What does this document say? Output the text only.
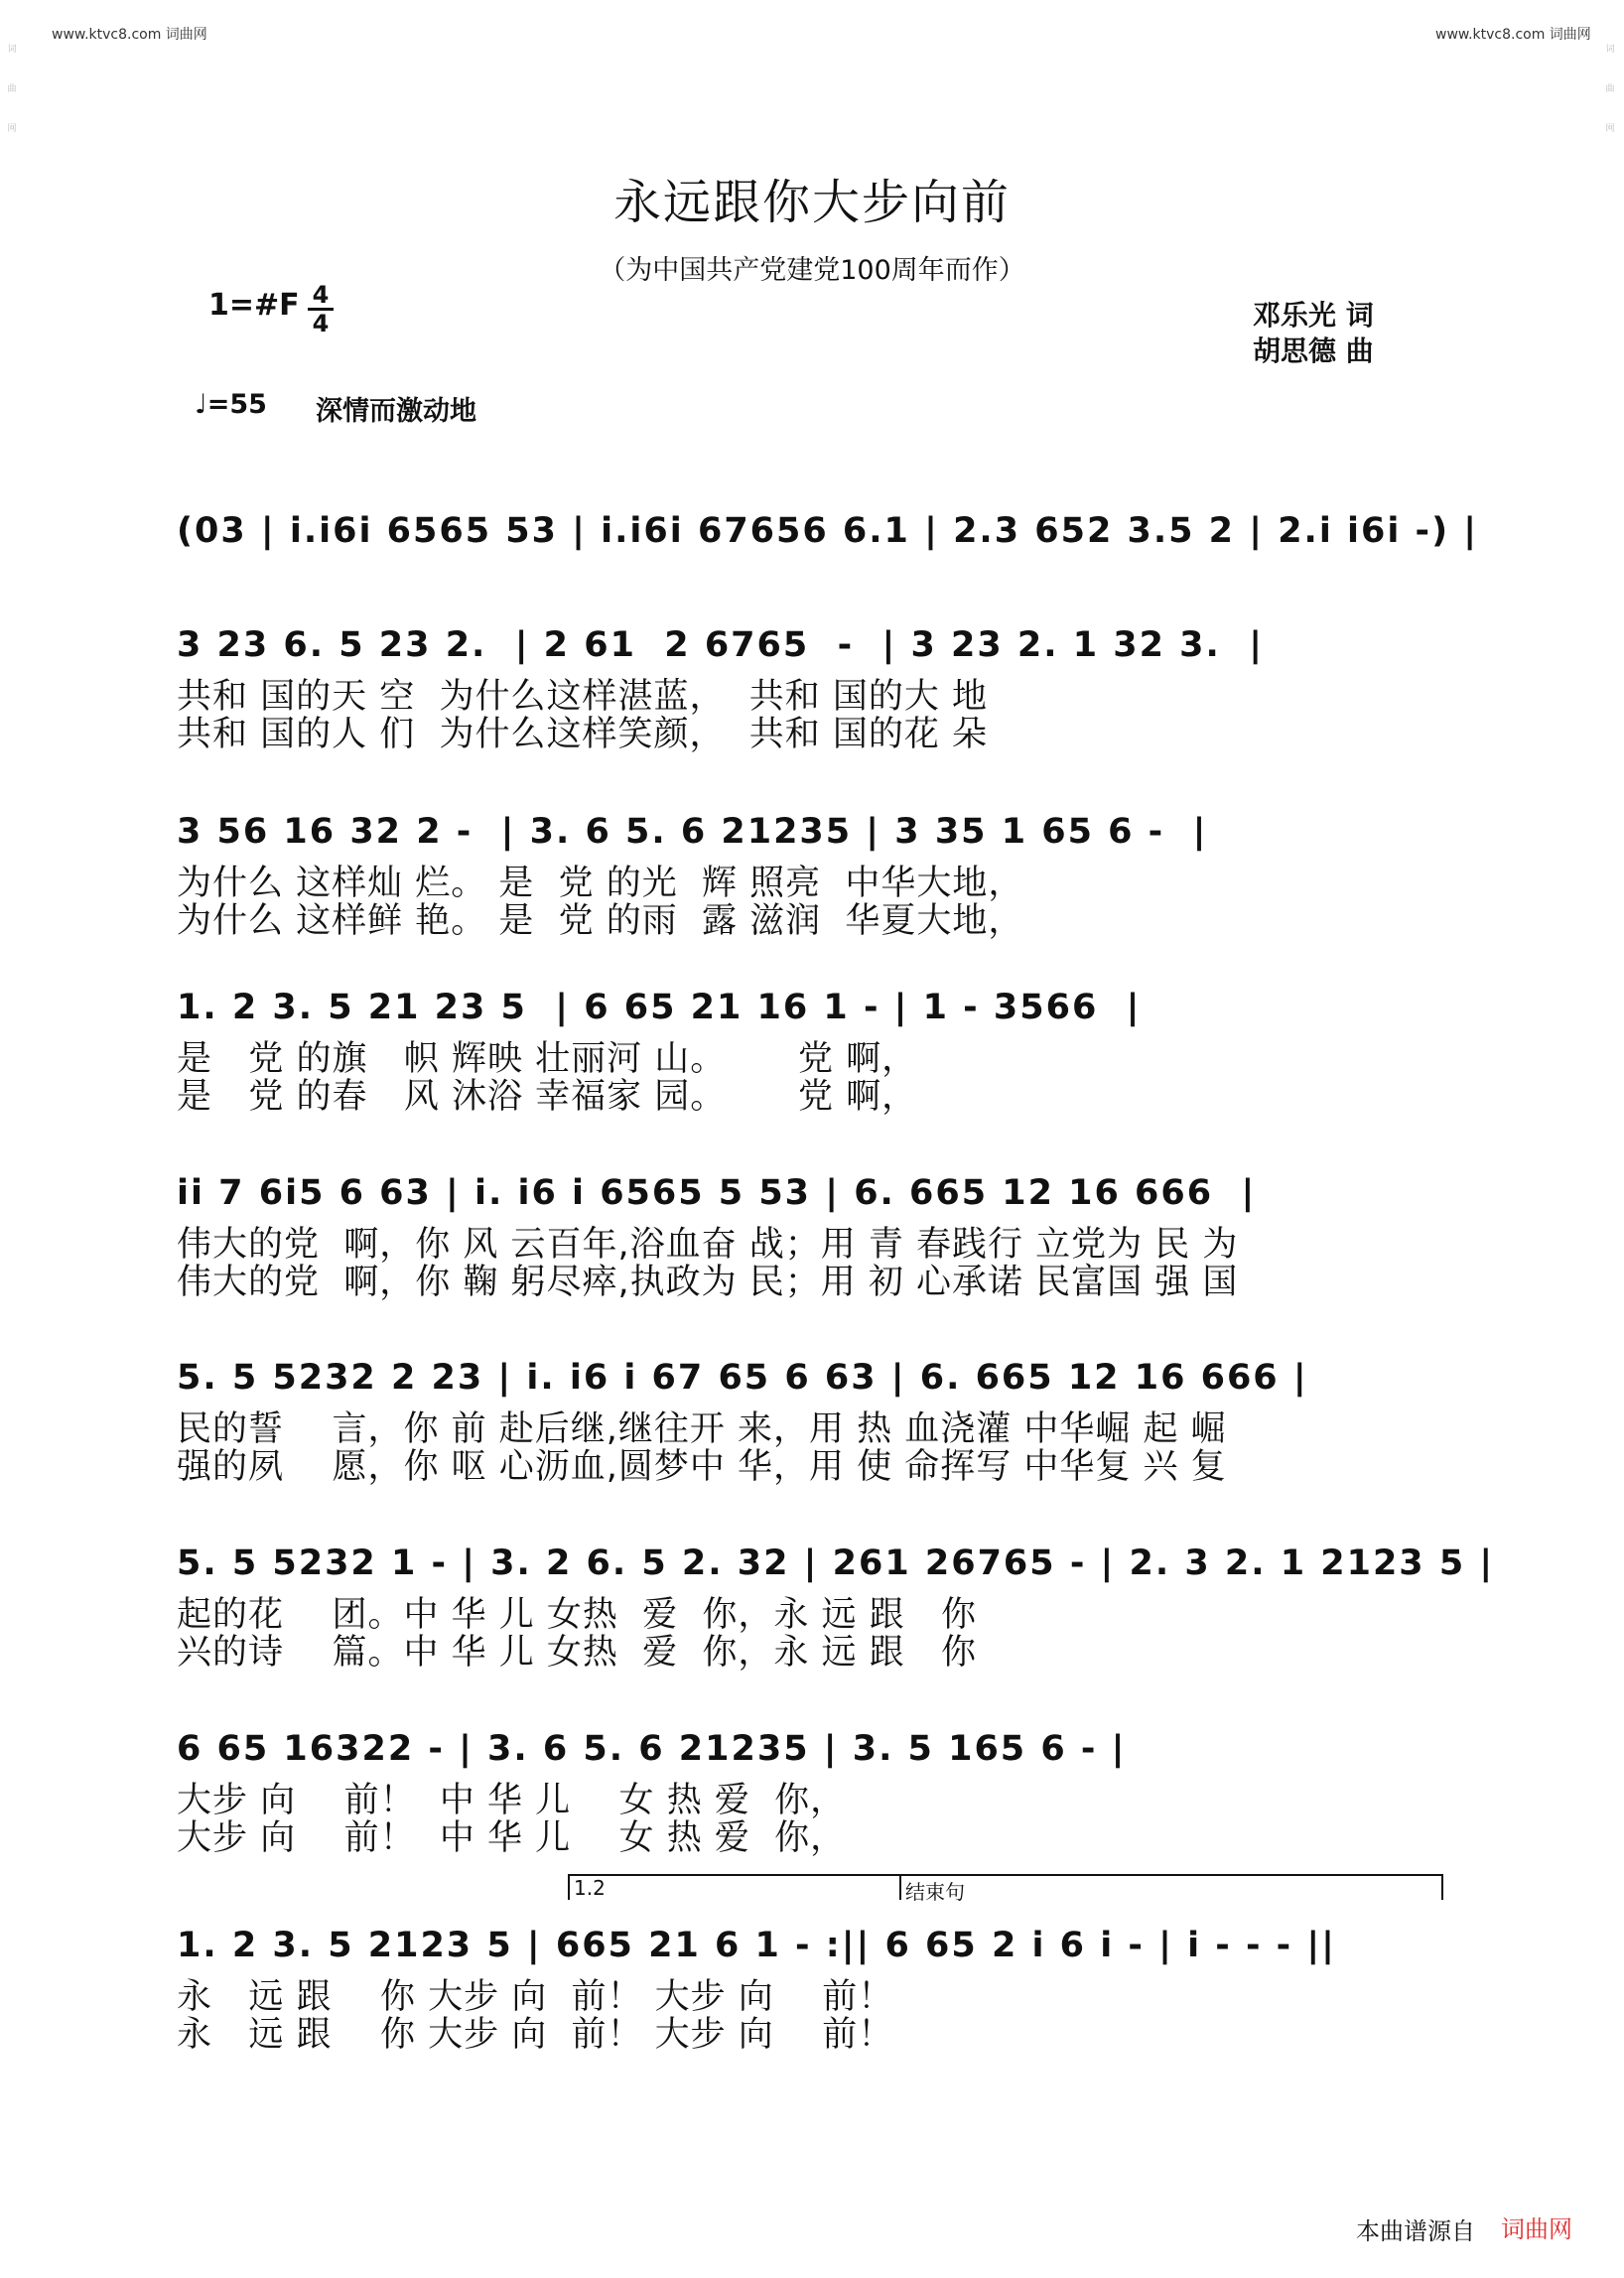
www.ktvc8.com 词曲网	www.ktvc8.com 词曲网
词曲网
词曲网
永远跟你大步向前
（为中国共产党建党100周年而作）
1=#F 4
4	邓乐光 词
胡思德 曲
♩=55 深情而激动地
(03 | i.i6i 6565 53 | i.i6i 67656 6.1 | 2.3 652 3.5 2 | 2.i i6i -) |
3 23 6. 5 23 2.  | 2 61  2 6765  -  | 3 23 2. 1 32 3.  |
共和 国的天 空  为什么这样湛蓝，  共和 国的大 地
共和 国的人 们  为什么这样笑颜，  共和 国的花 朵
3 56 16 32 2 -  | 3. 6 5. 6 21235 | 3 35 1 65 6 -  |
为什么 这样灿 烂。 是  党 的光  辉 照亮  中华大地，
为什么 这样鲜 艳。 是  党 的雨  露 滋润  华夏大地，
1. 2 3. 5 21 23 5  | 6 65 21 16 1 - | 1 - 3566  |
是   党 的旗   帜 辉映 壮丽河 山。      党 啊，
是   党 的春   风 沐浴 幸福家 园。      党 啊，
ii 7 6i5 6 63 | i. i6 i 6565 5 53 | 6. 665 12 16 666  |
伟大的党  啊，你 风 云百年,浴血奋 战；用 青 春践行 立党为 民 为
伟大的党  啊，你 鞠 躬尽瘁,执政为 民；用 初 心承诺 民富国 强 国
5. 5 5232 2 23 | i. i6 i 67 65 6 63 | 6. 665 12 16 666 |
民的誓    言，你 前 赴后继,继往开 来，用 热 血浇灌 中华崛 起 崛
强的夙    愿，你 呕 心沥血,圆梦中 华，用 使 命挥写 中华复 兴 复
5. 5 5232 1 - | 3. 2 6. 5 2. 32 | 261 26765 - | 2. 3 2. 1 2123 5 |
起的花    团。中 华 儿 女热  爱  你，永 远 跟   你
兴的诗    篇。中 华 儿 女热  爱  你，永 远 跟   你
6 65 16322 - | 3. 6 5. 6 21235 | 3. 5 165 6 - |
大步 向    前！  中 华 儿    女 热 爱  你，
大步 向    前！  中 华 儿    女 热 爱  你，
1.2	结束句
1. 2 3. 5 2123 5 | 665 21 6 1 - :|| 6 65 2 i 6 i - | i - - - ||
永   远 跟    你 大步 向  前！ 大步 向    前！
永   远 跟    你 大步 向  前！ 大步 向    前！
本曲谱源自 词曲网
